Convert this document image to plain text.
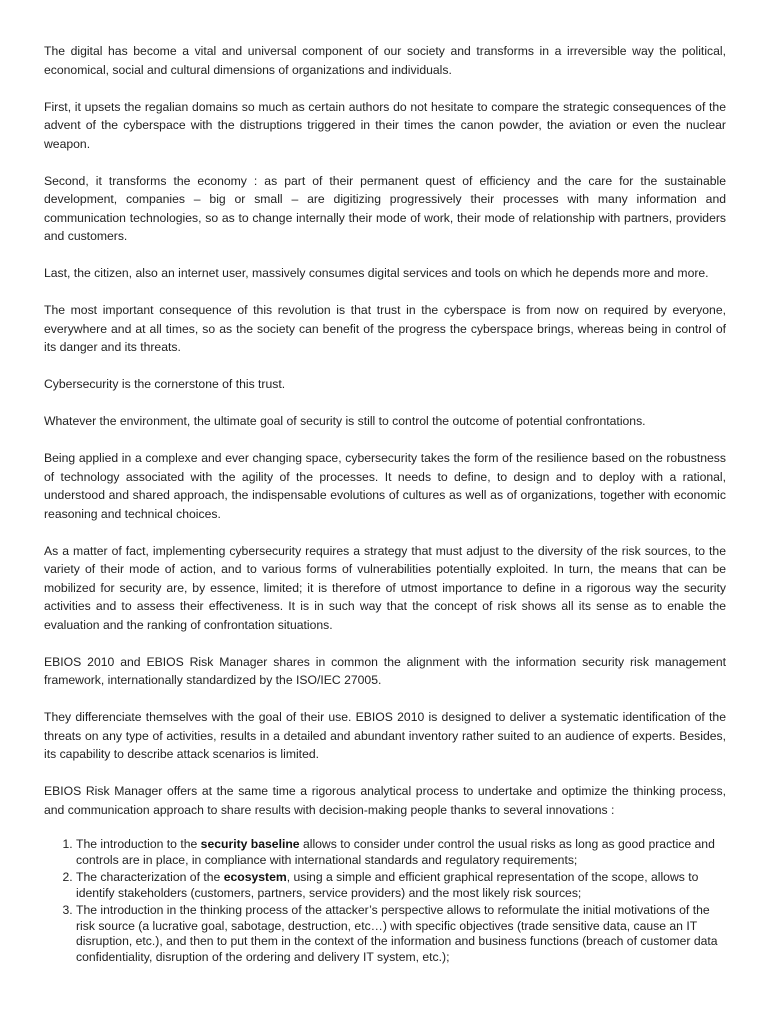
The digital has become a vital and universal component of our society and transforms in a irreversible way the political, economical, social and cultural dimensions of organizations and individuals.

First, it upsets the regalian domains so much as certain authors do not hesitate to compare the strategic consequences of the advent of the cyberspace with the distruptions triggered in their times the canon powder, the aviation or even the nuclear weapon.

Second, it transforms the economy : as part of their permanent quest of efficiency and the care for the sustainable development, companies – big or small – are digitizing progressively their processes with many information and communication technologies, so as to change internally their mode of work, their mode of relationship with partners, providers and customers.

Last, the citizen, also an internet user, massively consumes digital services and tools on which he depends more and more.

The most important consequence of this revolution is that trust in the cyberspace is from now on required by everyone, everywhere and at all times, so as the society can benefit of the progress the cyberspace brings, whereas being in control of its danger and its threats.

Cybersecurity is the cornerstone of this trust.

Whatever the environment, the ultimate goal of security is still to control the outcome of potential confrontations.

Being applied in a complexe and ever changing space, cybersecurity takes the form of the resilience based on the robustness of technology associated with the agility of the processes. It needs to define, to design and to deploy with a rational, understood and shared approach, the indispensable evolutions of cultures as well as of organizations, together with economic reasoning and technical choices.

As a matter of fact, implementing cybersecurity requires a strategy that must adjust to the diversity of the risk sources, to the variety of their mode of action, and to various forms of vulnerabilities potentially exploited. In turn, the means that can be mobilized for security are, by essence, limited; it is therefore of utmost importance to define in a rigorous way the security activities and to assess their effectiveness. It is in such way that the concept of risk shows all its sense as to enable the evaluation and the ranking of confrontation situations.

EBIOS 2010 and EBIOS Risk Manager shares in common the alignment with the information security risk management framework, internationally standardized by the ISO/IEC 27005.

They differenciate themselves with the goal of their use. EBIOS 2010 is designed to deliver a systematic identification of the threats on any type of activities, results in a detailed and abundant inventory rather suited to an audience of experts. Besides, its capability to describe attack scenarios is limited.

EBIOS Risk Manager offers at the same time a rigorous analytical process to undertake and optimize the thinking process, and communication approach to share results with decision-making people thanks to several innovations :

1. The introduction to the security baseline allows to consider under control the usual risks as long as good practice and controls are in place, in compliance with international standards and regulatory requirements;
2. The characterization of the ecosystem, using a simple and efficient graphical representation of the scope, allows to identify stakeholders (customers, partners, service providers) and the most likely risk sources;
3. The introduction in the thinking process of the attacker’s perspective allows to reformulate the initial motivations of the risk source (a lucrative goal, sabotage, destruction, etc…) with specific objectives (trade sensitive data, cause an IT disruption, etc.), and then to put them in the context of the information and business functions (breach of customer data confidentiality, disruption of the ordering and delivery IT system, etc.);
